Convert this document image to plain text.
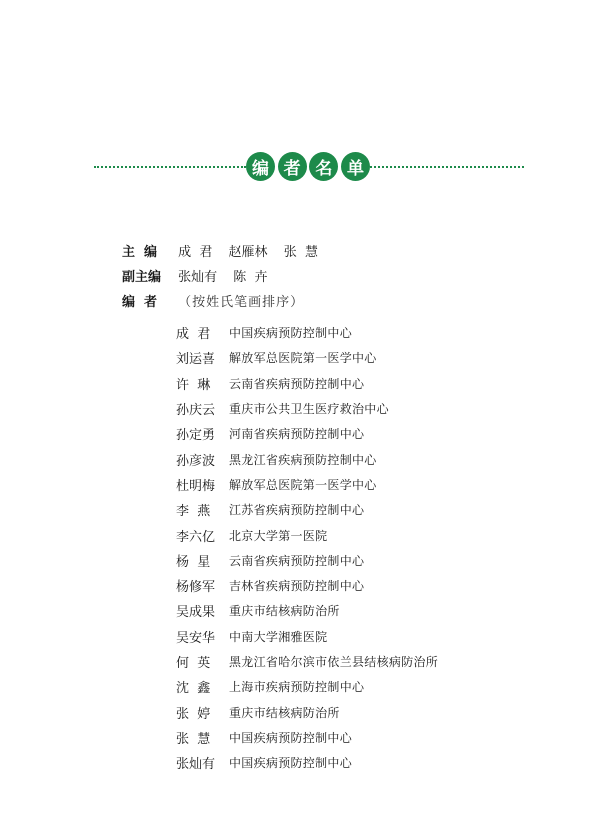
编 者 名 单
主  编 成  君 赵雁林 张  慧
副主编 张灿有 陈  卉
编  者 （按姓氏笔画排序）
成  君	中国疾病预防控制中心
刘运喜	解放军总医院第一医学中心
许  琳	云南省疾病预防控制中心
孙庆云	重庆市公共卫生医疗救治中心
孙定勇	河南省疾病预防控制中心
孙彦波	黑龙江省疾病预防控制中心
杜明梅	解放军总医院第一医学中心
李  燕	江苏省疾病预防控制中心
李六亿	北京大学第一医院
杨  星	云南省疾病预防控制中心
杨修军	吉林省疾病预防控制中心
吴成果	重庆市结核病防治所
吴安华	中南大学湘雅医院
何  英	黑龙江省哈尔滨市依兰县结核病防治所
沈  鑫	上海市疾病预防控制中心
张  婷	重庆市结核病防治所
张  慧	中国疾病预防控制中心
张灿有	中国疾病预防控制中心
